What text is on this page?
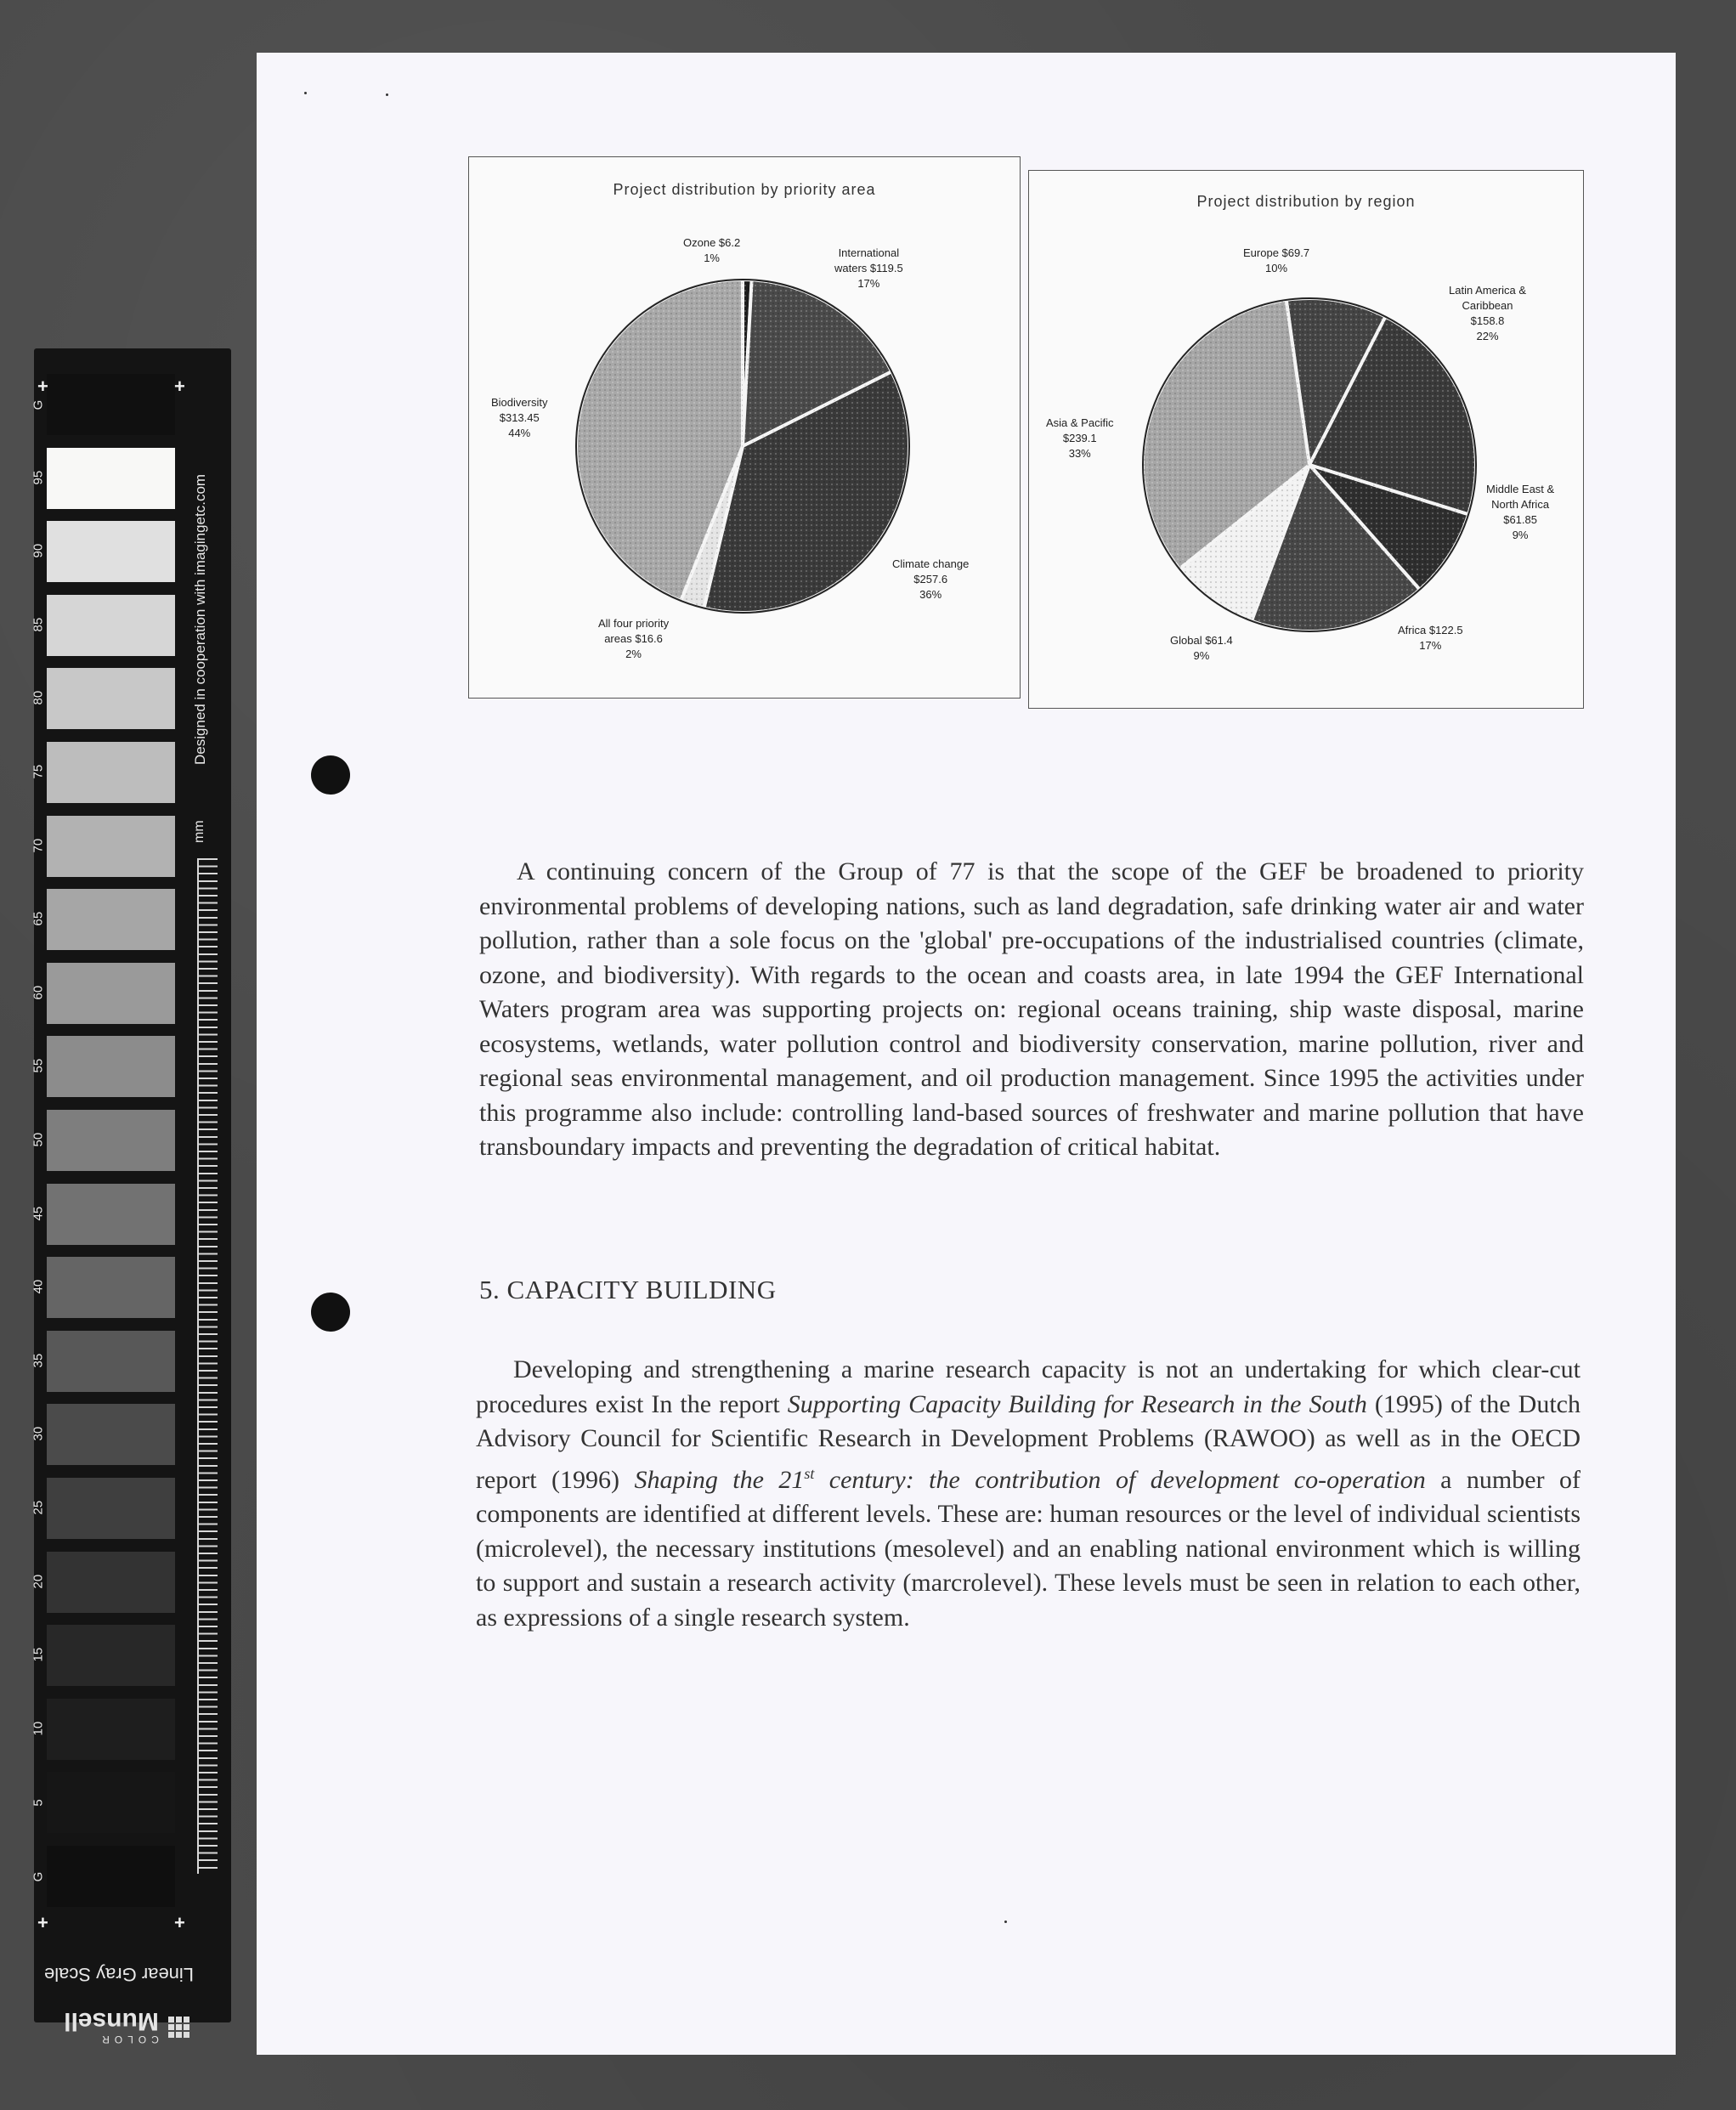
G
95
90
85
80
75
70
65
60
55
50
45
40
35
30
25
20
15
10
5
G
+	+
+	+
Designed in cooperation with imagingetc.com
mm
Linear Gray Scale
COLOR
Munsell
Project distribution by priority area
Ozone $6.2
1%	International
waters $119.5
17%
Climate change
$257.6
36%
All four priority
areas $16.6
2%
Biodiversity
$313.45
44%
Project distribution by region
Europe $69.7
10%
Latin America &
Caribbean
$158.8
22%
Middle East &
North Africa
$61.85
9%
Africa $122.5
17%
Global $61.4
9%
Asia & Pacific
$239.1
33%

A continuing concern of the Group of 77 is that the scope of the GEF be broadened to priority environmental problems of developing nations, such as land degradation, safe drinking water air and water pollution, rather than a sole focus on the 'global' pre-occupations of the industrialised countries (climate, ozone, and biodiversity). With regards to the ocean and coasts area, in late 1994 the GEF International Waters program area was supporting projects on: regional oceans training, ship waste disposal, marine ecosystems, wetlands, water pollution control and biodiversity conservation, marine pollution, river and regional seas environmental management, and oil production management. Since 1995 the activities under this programme also include: controlling land-based sources of freshwater and marine pollution that have transboundary impacts and preventing the degradation of critical habitat.

5. CAPACITY BUILDING

Developing and strengthening a marine research capacity is not an undertaking for which clear-cut procedures exist In the report Supporting Capacity Building for Research in the South (1995) of the Dutch Advisory Council for Scientific Research in Development Problems (RAWOO) as well as in the OECD report (1996) Shaping the 21st century: the contribution of development co-operation a number of components are identified at different levels. These are: human resources or the level of individual scientists (microlevel), the necessary institutions (mesolevel) and an enabling national environment which is willing to support and sustain a research activity (marcrolevel). These levels must be seen in relation to each other, as expressions of a single research system.
